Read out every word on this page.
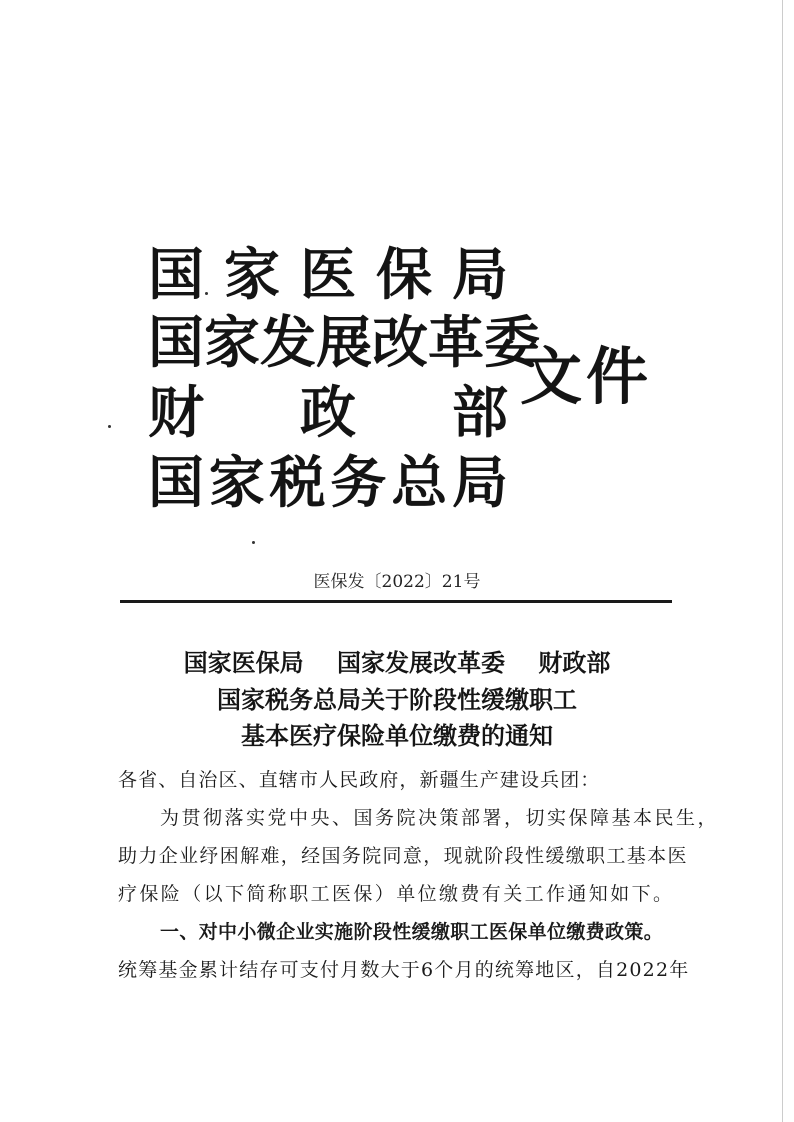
国 家 医 保 局
国 家 发 展 改 革 委
财 政 部
国 家 税 务 总 局
文件
医保发〔2022〕21号
国家医保局    国家发展改革委    财政部
国家税务总局关于阶段性缓缴职工
基本医疗保险单位缴费的通知
各省、自治区、直辖市人民政府，新疆生产建设兵团：
为贯彻落实党中央、国务院决策部署，切实保障基本民生，
助力企业纾困解难，经国务院同意，现就阶段性缓缴职工基本医
疗保险（以下简称职工医保）单位缴费有关工作通知如下。
一、对中小微企业实施阶段性缓缴职工医保单位缴费政策。
统筹基金累计结存可支付月数大于6个月的统筹地区，自2022年
